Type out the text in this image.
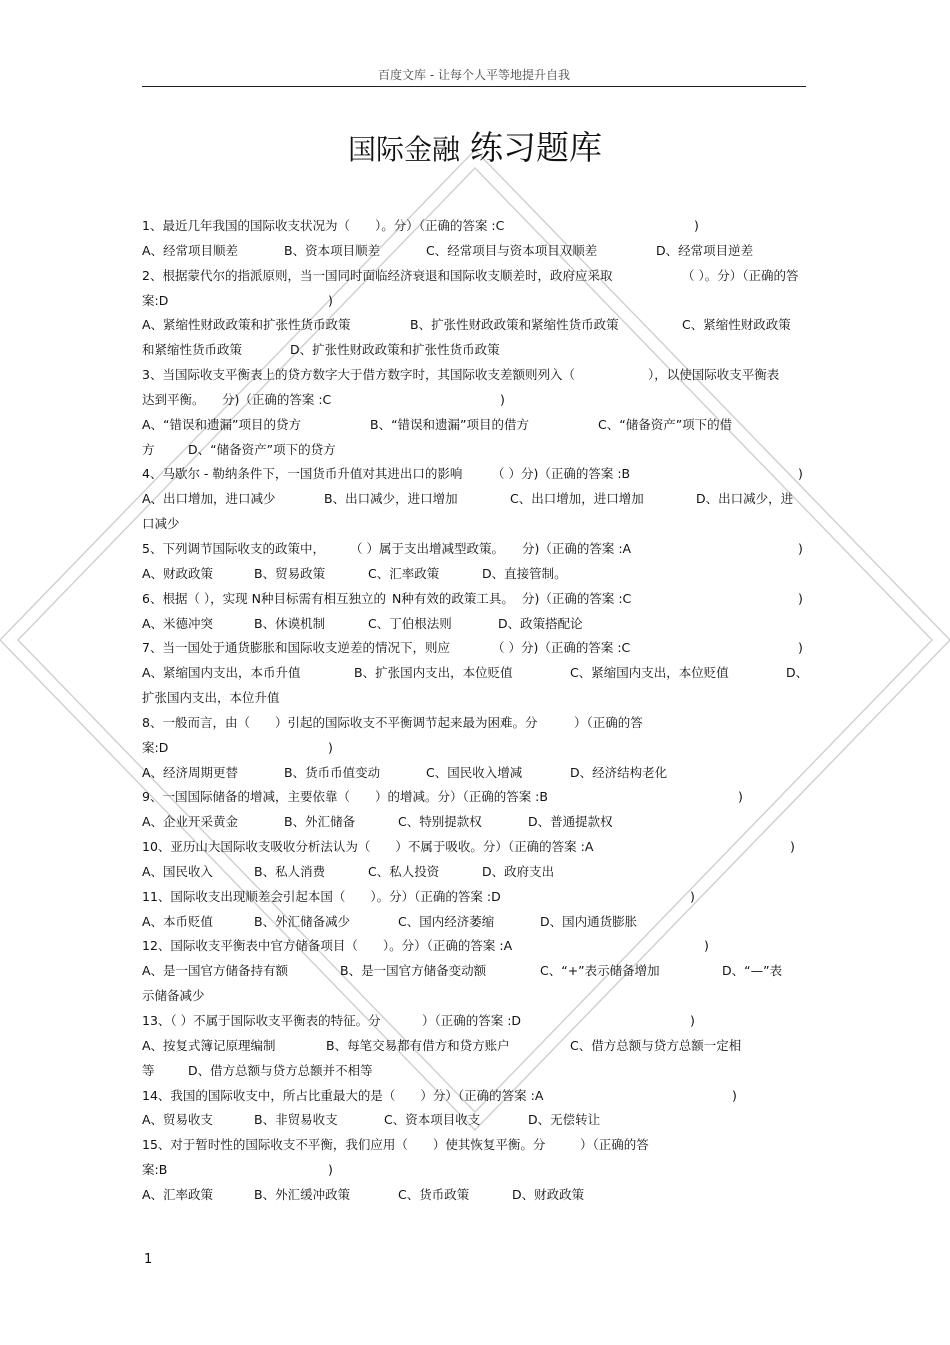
百度文库 - 让每个人平等地提升自我
国际金融 练习题库
1、最近几年我国的国际收支状况为（　　）。分）（正确的答案 :C	)
A、经常项目顺差	B、资本项目顺差	C、经常项目与资本项目双顺差	D、经常项目逆差
2、根据蒙代尔的指派原则，当一国同时面临经济衰退和国际收支顺差时，政府应采取	（ ）。分）（正确的答
案:D	)
A、紧缩性财政政策和扩张性货币政策	B、扩张性财政政策和紧缩性货币政策	C、紧缩性财政政策
和紧缩性货币政策	D、扩张性财政政策和扩张性货币政策
3、当国际收支平衡表上的贷方数字大于借方数字时，其国际收支差额则列入（	），以使国际收支平衡表
达到平衡。 分)（正确的答案 :C	)
A、“错误和遗漏”项目的贷方	B、“错误和遗漏”项目的借方	C、“储备资产”项下的借
方	D、“储备资产”项下的贷方
4、马歇尔 - 勒纳条件下，一国货币升值对其进出口的影响 （ ）分)（正确的答案 :B	)
A、出口增加，进口减少	B、出口减少，进口增加	C、出口增加，进口增加	D、出口减少，进
口减少
5、下列调节国际收支的政策中， （ ）属于支出增减型政策。 分)（正确的答案 :A	)
A、财政政策	B、贸易政策	C、汇率政策	D、直接管制。
6、根据（ ），实现 N种目标需有相互独立的 N种有效的政策工具。 分)（正确的答案 :C	)
A、米德冲突	B、休谟机制	C、丁伯根法则	D、政策搭配论
7、当一国处于通货膨胀和国际收支逆差的情况下，则应	（ ）分)（正确的答案 :C	)
A、紧缩国内支出，本币升值	B、扩张国内支出，本位贬值	C、紧缩国内支出，本位贬值	D、
扩张国内支出，本位升值
8、一般而言，由（　　）引起的国际收支不平衡调节起来最为困难。分	）（正确的答
案:D	)
A、经济周期更替	B、货币币值变动	C、国民收入增减	D、经济结构老化
9、一国国际储备的增减，主要依靠（　　）的增减。分）（正确的答案 :B	)
A、企业开采黄金	B、外汇储备	C、特别提款权	D、普通提款权
10、亚历山大国际收支吸收分析法认为（　　）不属于吸收。分）（正确的答案 :A	)
A、国民收入	B、私人消费	C、私人投资	D、政府支出
11、国际收支出现顺差会引起本国（　　）。分）（正确的答案 :D	)
A、本币贬值	B、外汇储备减少	C、国内经济萎缩	D、国内通货膨胀
12、国际收支平衡表中官方储备项目（　　）。分）（正确的答案 :A	)
A、是一国官方储备持有额	B、是一国官方储备变动额	C、“+”表示储备增加	D、“—”表
示储备减少
13、（ ）不属于国际收支平衡表的特征。分	）（正确的答案 :D	)
A、按复式簿记原理编制	B、每笔交易都有借方和贷方账户	C、借方总额与贷方总额一定相
等	D、借方总额与贷方总额并不相等
14、我国的国际收支中，所占比重最大的是（　　）分）（正确的答案 :A	)
A、贸易收支	B、非贸易收支	C、资本项目收支	D、无偿转让
15、对于暂时性的国际收支不平衡，我们应用（　　）使其恢复平衡。分	）（正确的答
案:B	)
A、汇率政策	B、外汇缓冲政策	C、货币政策	D、财政政策
1
